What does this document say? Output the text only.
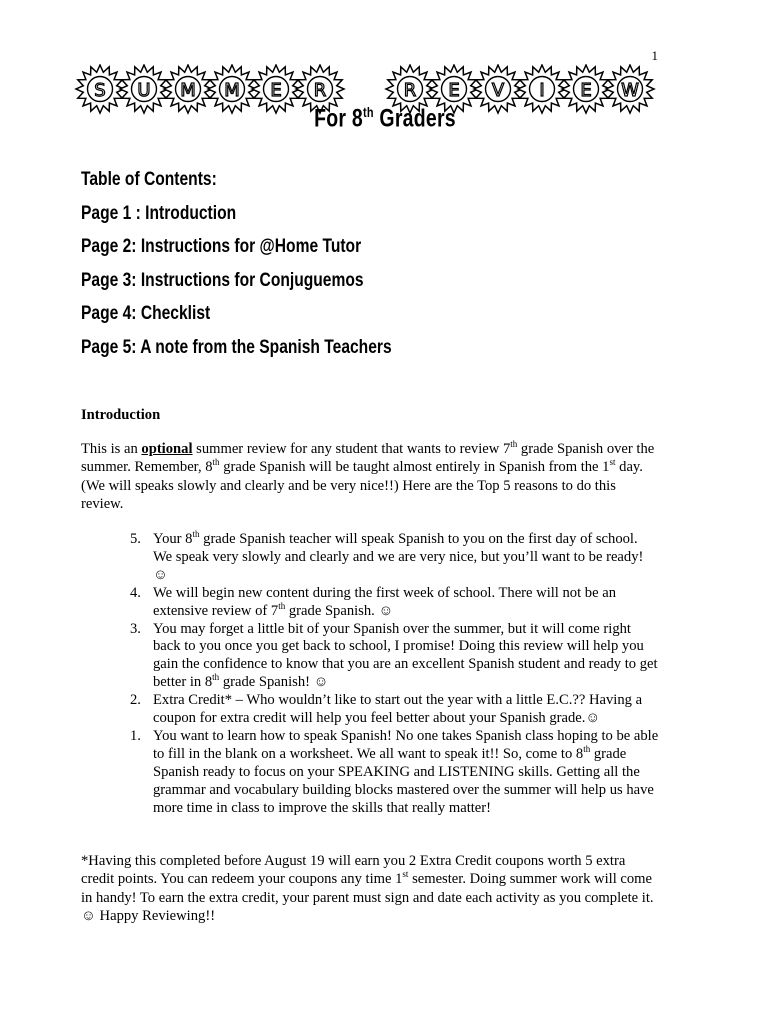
1
S U M M E R	R E V I E W
For 8th Graders
Table of Contents:
Page 1 : Introduction
Page 2: Instructions for @Home Tutor
Page 3: Instructions for Conjuguemos
Page 4: Checklist
Page 5: A note from the Spanish Teachers
Introduction
This is an optional summer review for any student that wants to review 7th grade Spanish over the summer. Remember, 8th grade Spanish will be taught almost entirely in Spanish from the 1st day. (We will speaks slowly and clearly and be very nice!!) Here are the Top 5 reasons to do this review.
5. Your 8th grade Spanish teacher will speak Spanish to you on the first day of school. We speak very slowly and clearly and we are very nice, but you’ll want to be ready! ☺
4. We will begin new content during the first week of school. There will not be an extensive review of 7th grade Spanish. ☺
3. You may forget a little bit of your Spanish over the summer, but it will come right back to you once you get back to school, I promise! Doing this review will help you gain the confidence to know that you are an excellent Spanish student and ready to get better in 8th grade Spanish! ☺
2. Extra Credit* – Who wouldn’t like to start out the year with a little E.C.?? Having a coupon for extra credit will help you feel better about your Spanish grade.☺
1. You want to learn how to speak Spanish! No one takes Spanish class hoping to be able to fill in the blank on a worksheet. We all want to speak it!! So, come to 8th grade Spanish ready to focus on your SPEAKING and LISTENING skills. Getting all the grammar and vocabulary building blocks mastered over the summer will help us have more time in class to improve the skills that really matter!
*Having this completed before August 19 will earn you 2 Extra Credit coupons worth 5 extra credit points. You can redeem your coupons any time 1st semester. Doing summer work will come in handy! To earn the extra credit, your parent must sign and date each activity as you complete it.☺ Happy Reviewing!!
